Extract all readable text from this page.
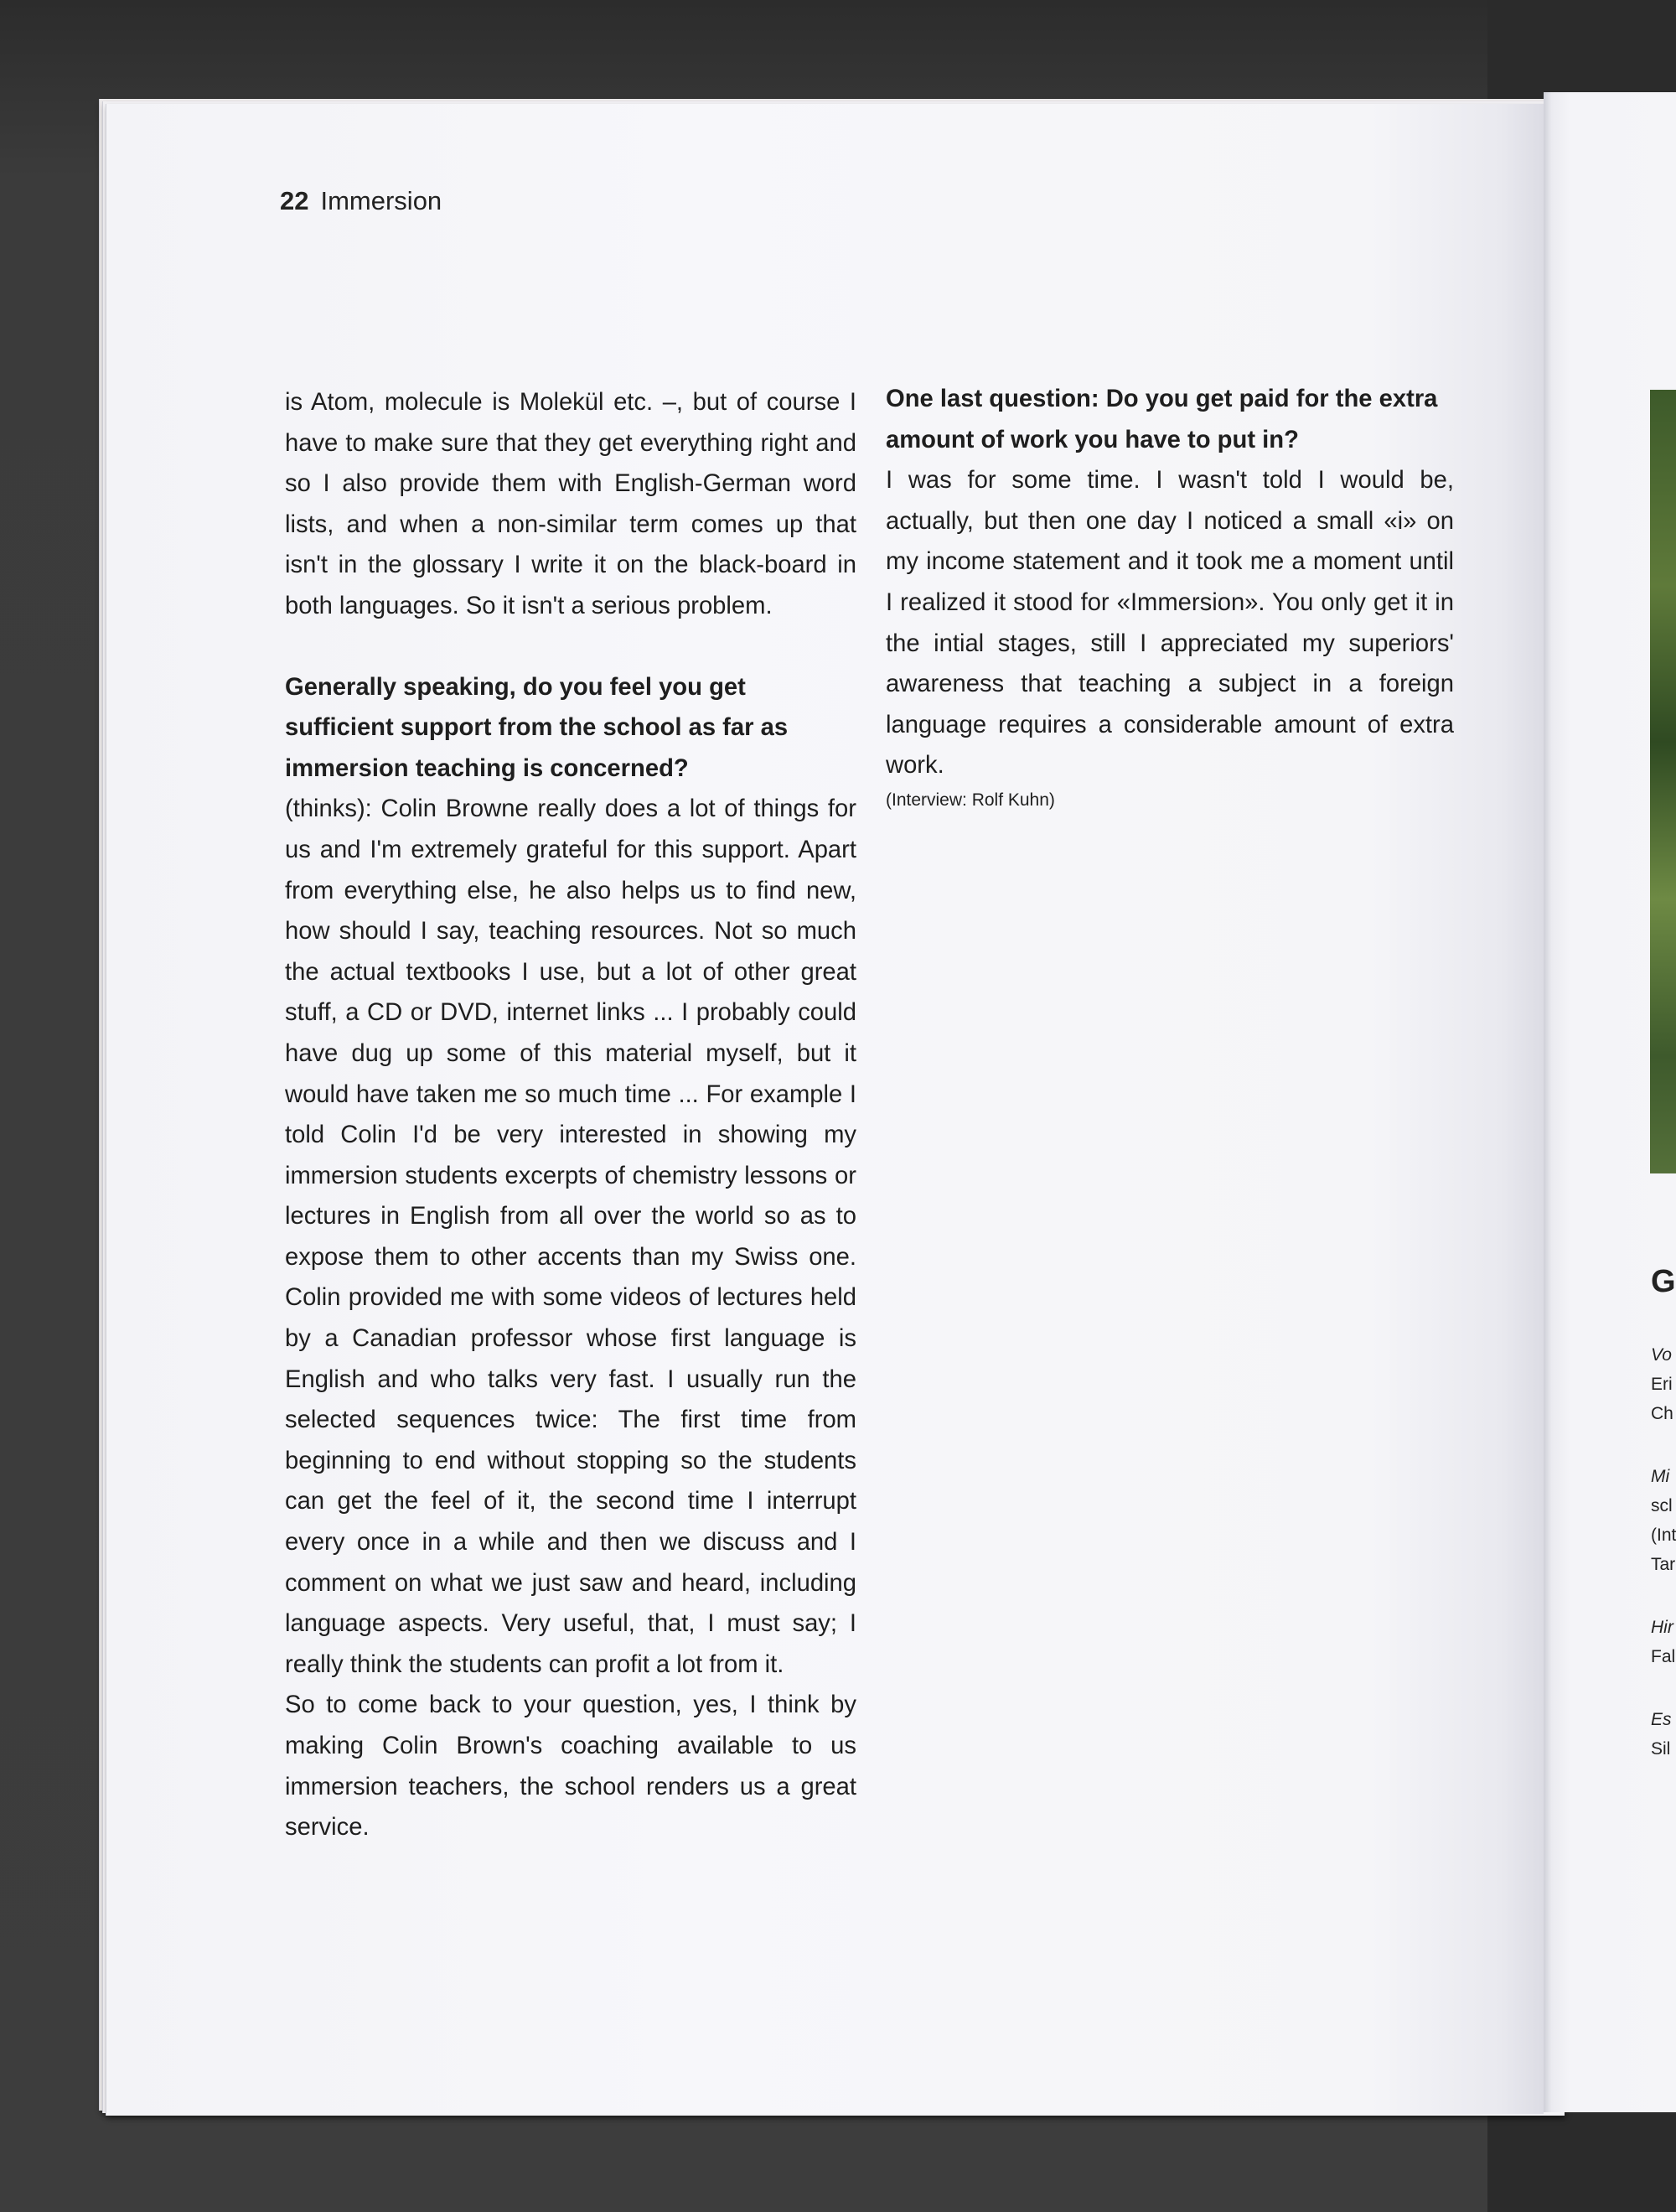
22 Immersion

is Atom, molecule is Molekül etc. –, but of course I have to make sure that they get everything right and so I also provide them with English-German word lists, and when a non-similar term comes up that isn't in the glossary I write it on the black-board in both languages. So it isn't a serious problem.

Generally speaking, do you feel you get sufficient support from the school as far as immersion teaching is concerned?

(thinks): Colin Browne really does a lot of things for us and I'm extremely grateful for this support. Apart from everything else, he also helps us to find new, how should I say, teaching resources. Not so much the actual textbooks I use, but a lot of other great stuff, a CD or DVD, internet links ... I probably could have dug up some of this material myself, but it would have taken me so much time ... For example I told Colin I'd be very interested in showing my immersion students excerpts of chemistry lessons or lectures in English from all over the world so as to expose them to other accents than my Swiss one. Colin provided me with some videos of lectures held by a Canadian professor whose first language is English and who talks very fast. I usually run the selected sequences twice: The first time from beginning to end without stopping so the students can get the feel of it, the second time I interrupt every once in a while and then we discuss and I comment on what we just saw and heard, including language aspects. Very useful, that, I must say; I really think the students can profit a lot from it.

So to come back to your question, yes, I think by making Colin Brown's coaching available to us immersion teachers, the school renders us a great service.

One last question: Do you get paid for the extra amount of work you have to put in?

I was for some time. I wasn't told I would be, actually, but then one day I noticed a small «i» on my income statement and it took me a moment until I realized it stood for «Immersion». You only get it in the intial stages, still I appreciated my superiors' awareness that teaching a subject in a foreign language requires a considerable amount of extra work.

(Interview: Rolf Kuhn)

G
Vo
Eri
Ch
Mi
scl
(Int
Tar
Hir
Fal
Es
Sil
